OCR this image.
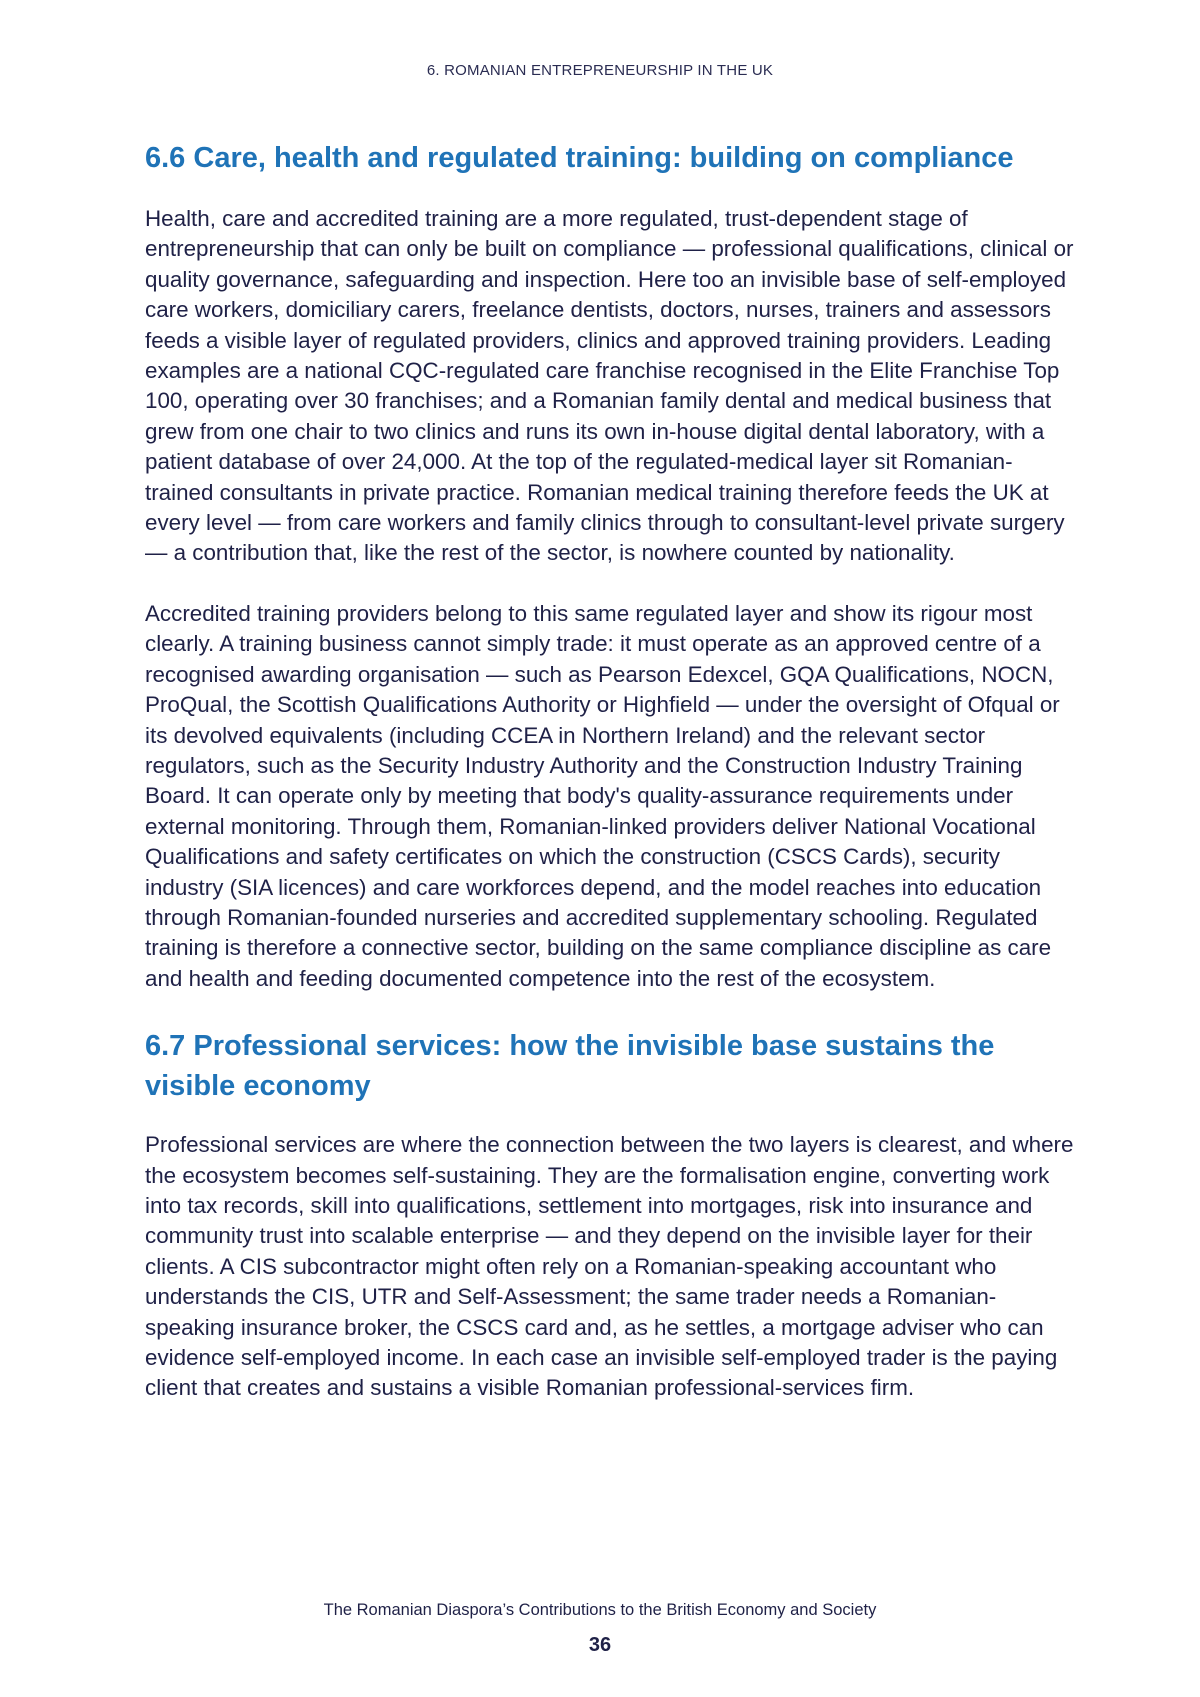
6. ROMANIAN ENTREPRENEURSHIP IN THE UK
6.6 Care, health and regulated training: building on compliance

Health, care and accredited training are a more regulated, trust-dependent stage of entrepreneurship that can only be built on compliance — professional qualifications, clinical or quality governance, safeguarding and inspection. Here too an invisible base of self-employed care workers, domiciliary carers, freelance dentists, doctors, nurses, trainers and assessors feeds a visible layer of regulated providers, clinics and approved training providers. Leading examples are a national CQC-regulated care franchise recognised in the Elite Franchise Top 100, operating over 30 franchises; and a Romanian family dental and medical business that grew from one chair to two clinics and runs its own in-house digital dental laboratory, with a patient database of over 24,000. At the top of the regulated-medical layer sit Romanian-trained consultants in private practice. Romanian medical training therefore feeds the UK at every level — from care workers and family clinics through to consultant-level private surgery — a contribution that, like the rest of the sector, is nowhere counted by nationality.

Accredited training providers belong to this same regulated layer and show its rigour most clearly. A training business cannot simply trade: it must operate as an approved centre of a recognised awarding organisation — such as Pearson Edexcel, GQA Qualifications, NOCN, ProQual, the Scottish Qualifications Authority or Highfield — under the oversight of Ofqual or its devolved equivalents (including CCEA in Northern Ireland) and the relevant sector regulators, such as the Security Industry Authority and the Construction Industry Training Board. It can operate only by meeting that body's quality-assurance requirements under external monitoring. Through them, Romanian-linked providers deliver National Vocational Qualifications and safety certificates on which the construction (CSCS Cards), security industry (SIA licences) and care workforces depend, and the model reaches into education through Romanian-founded nurseries and accredited supplementary schooling. Regulated training is therefore a connective sector, building on the same compliance discipline as care and health and feeding documented competence into the rest of the ecosystem.

6.7 Professional services: how the invisible base sustains the visible economy

Professional services are where the connection between the two layers is clearest, and where the ecosystem becomes self-sustaining. They are the formalisation engine, converting work into tax records, skill into qualifications, settlement into mortgages, risk into insurance and community trust into scalable enterprise — and they depend on the invisible layer for their clients. A CIS subcontractor might often rely on a Romanian-speaking accountant who understands the CIS, UTR and Self-Assessment; the same trader needs a Romanian-speaking insurance broker, the CSCS card and, as he settles, a mortgage adviser who can evidence self-employed income. In each case an invisible self-employed trader is the paying client that creates and sustains a visible Romanian professional-services firm.

The Romanian Diaspora’s Contributions to the British Economy and Society
36
